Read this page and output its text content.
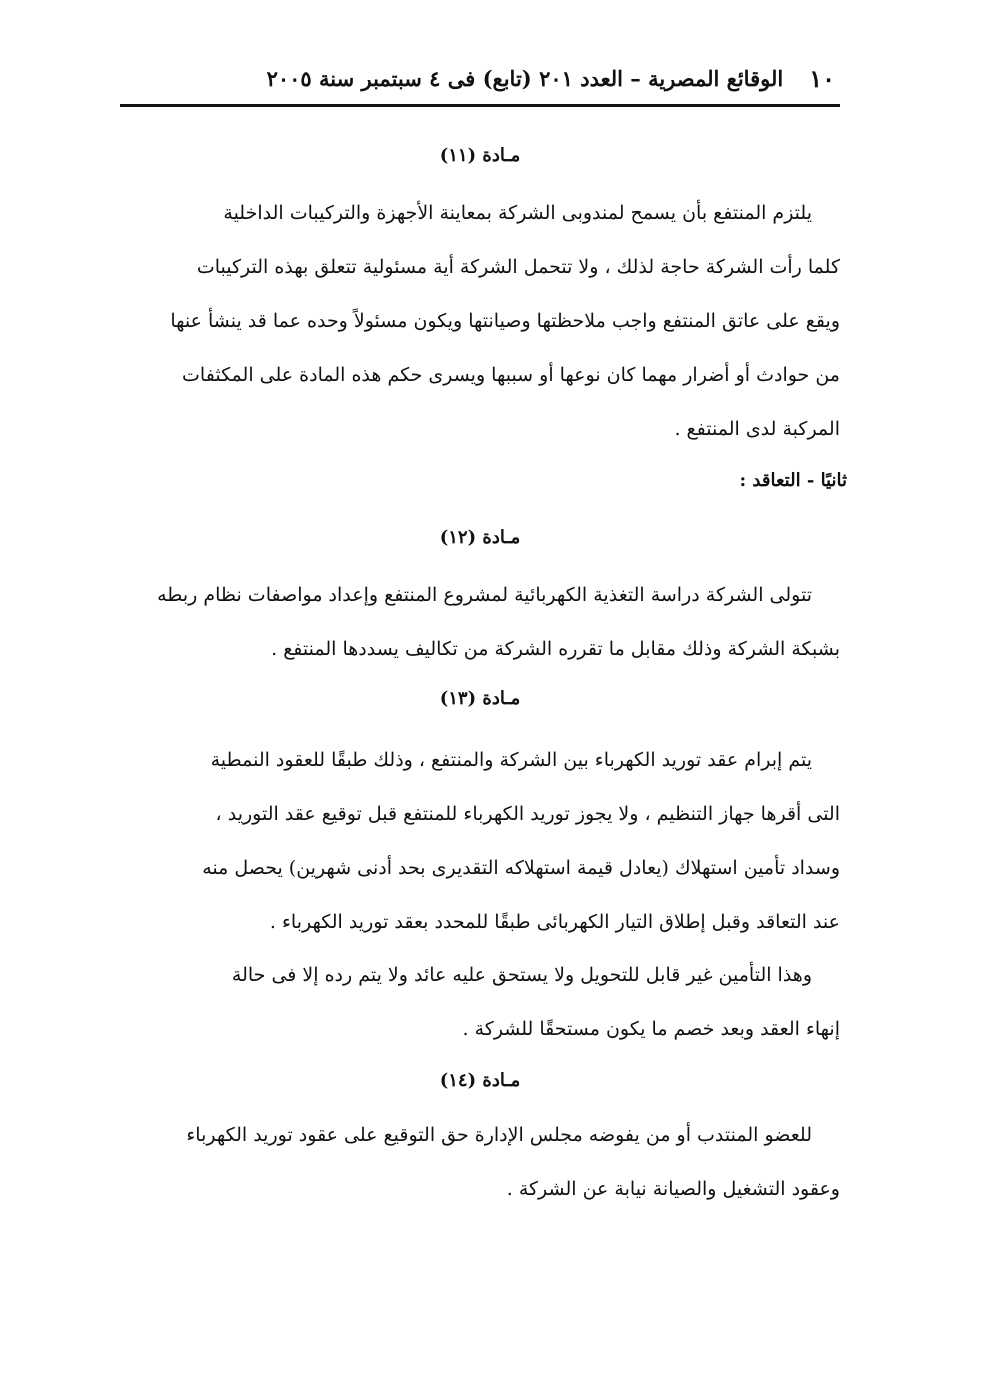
١٠
الوقائع المصرية – العدد ٢٠١ (تابع) فى ٤ سبتمبر سنة ٢٠٠٥
مـادة (١١)
يلتزم المنتفع بأن يسمح لمندوبى الشركة بمعاينة الأجهزة والتركيبات الداخلية
كلما رأت الشركة حاجة لذلك ، ولا تتحمل الشركة أية مسئولية تتعلق بهذه التركيبات
ويقع على عاتق المنتفع واجب ملاحظتها وصيانتها ويكون مسئولاً وحده عما قد ينشأ عنها
من حوادث أو أضرار مهما كان نوعها أو سببها ويسرى حكم هذه المادة على المكثفات
المركبة لدى المنتفع .
ثانيًا - التعاقد :
مـادة (١٢)
تتولى الشركة دراسة التغذية الكهربائية لمشروع المنتفع وإعداد مواصفات نظام ربطه
بشبكة الشركة وذلك مقابل ما تقرره الشركة من تكاليف يسددها المنتفع .
مـادة (١٣)
يتم إبرام عقد توريد الكهرباء بين الشركة والمنتفع ، وذلك طبقًا للعقود النمطية
التى أقرها جهاز التنظيم ، ولا يجوز توريد الكهرباء للمنتفع قبل توقيع عقد التوريد ،
وسداد تأمين استهلاك (يعادل قيمة استهلاكه التقديرى بحد أدنى شهرين) يحصل منه
عند التعاقد وقبل إطلاق التيار الكهربائى طبقًا للمحدد بعقد توريد الكهرباء .
وهذا التأمين غير قابل للتحويل ولا يستحق عليه عائد ولا يتم رده إلا فى حالة
إنهاء العقد وبعد خصم ما يكون مستحقًا للشركة .
مـادة (١٤)
للعضو المنتدب أو من يفوضه مجلس الإدارة حق التوقيع على عقود توريد الكهرباء
وعقود التشغيل والصيانة نيابة عن الشركة .
